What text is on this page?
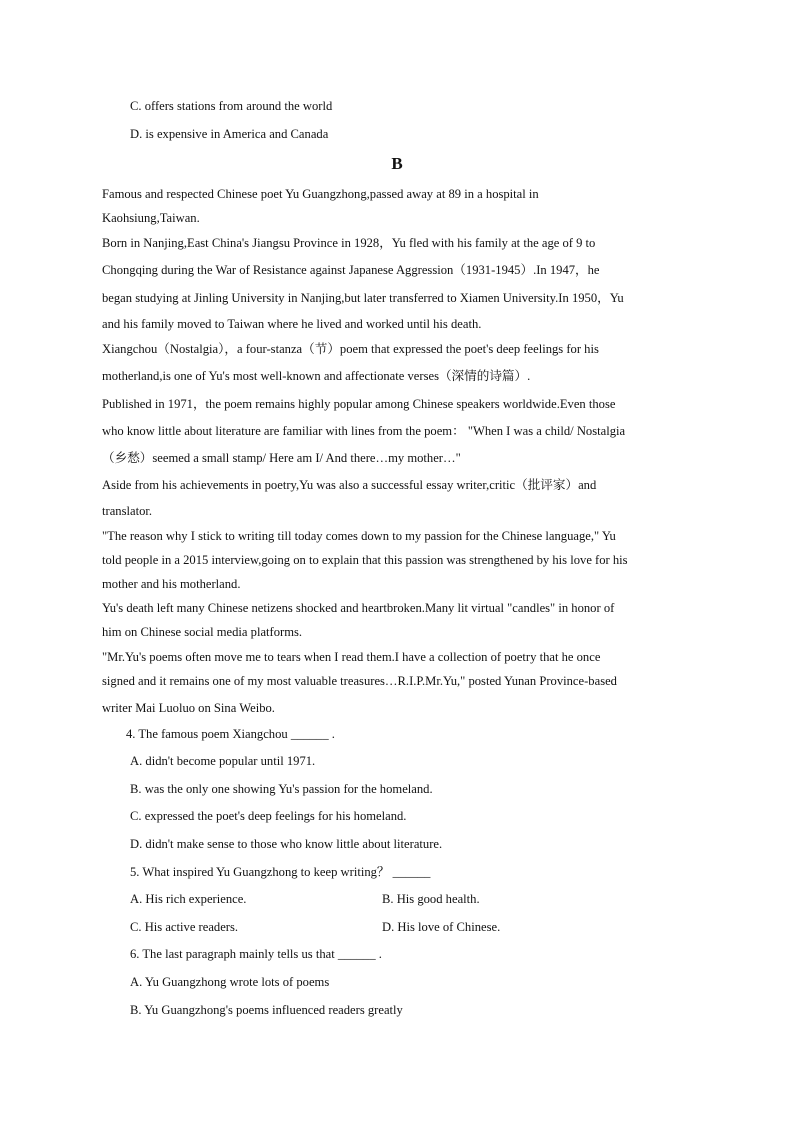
C. offers stations from around the world
D. is expensive in America and Canada
B
Famous and respected Chinese poet Yu Guangzhong,passed away at 89 in a hospital in
Kaohsiung,Taiwan.
Born in Nanjing,East China's Jiangsu Province in 1928，Yu fled with his family at the age of 9 to
Chongqing during the War of Resistance against Japanese Aggression（1931-1945）.In 1947，he
began studying at Jinling University in Nanjing,but later transferred to Xiamen University.In 1950，Yu
and his family moved to Taiwan where he lived and worked until his death.
Xiangchou（Nostalgia），a four-stanza（节）poem that expressed the poet's deep feelings for his
motherland,is one of Yu's most well-known and affectionate verses（深情的诗篇）.
Published in 1971，the poem remains highly popular among Chinese speakers worldwide.Even those
who know little about literature are familiar with lines from the poem： "When I was a child/ Nostalgia
（乡愁）seemed a small stamp/ Here am I/ And there…my mother…"
Aside from his achievements in poetry,Yu was also a successful essay writer,critic（批评家）and
translator.
"The reason why I stick to writing till today comes down to my passion for the Chinese language," Yu
told people in a 2015 interview,going on to explain that this passion was strengthened by his love for his
mother and his motherland.
Yu's death left many Chinese netizens shocked and heartbroken.Many lit virtual "candles" in honor of
him on Chinese social media platforms.
"Mr.Yu's poems often move me to tears when I read them.I have a collection of poetry that he once
signed and it remains one of my most valuable treasures…R.I.P.Mr.Yu," posted Yunan Province-based
writer Mai Luoluo on Sina Weibo.
4. The famous poem Xiangchou ______ .
A. didn't become popular until 1971.
B. was the only one showing Yu's passion for the homeland.
C. expressed the poet's deep feelings for his homeland.
D. didn't make sense to those who know little about literature.
5. What inspired Yu Guangzhong to keep writing？ ______
A. His rich experience.	B. His good health.
C. His active readers.	D. His love of Chinese.
6. The last paragraph mainly tells us that ______ .
A. Yu Guangzhong wrote lots of poems
B. Yu Guangzhong's poems influenced readers greatly
